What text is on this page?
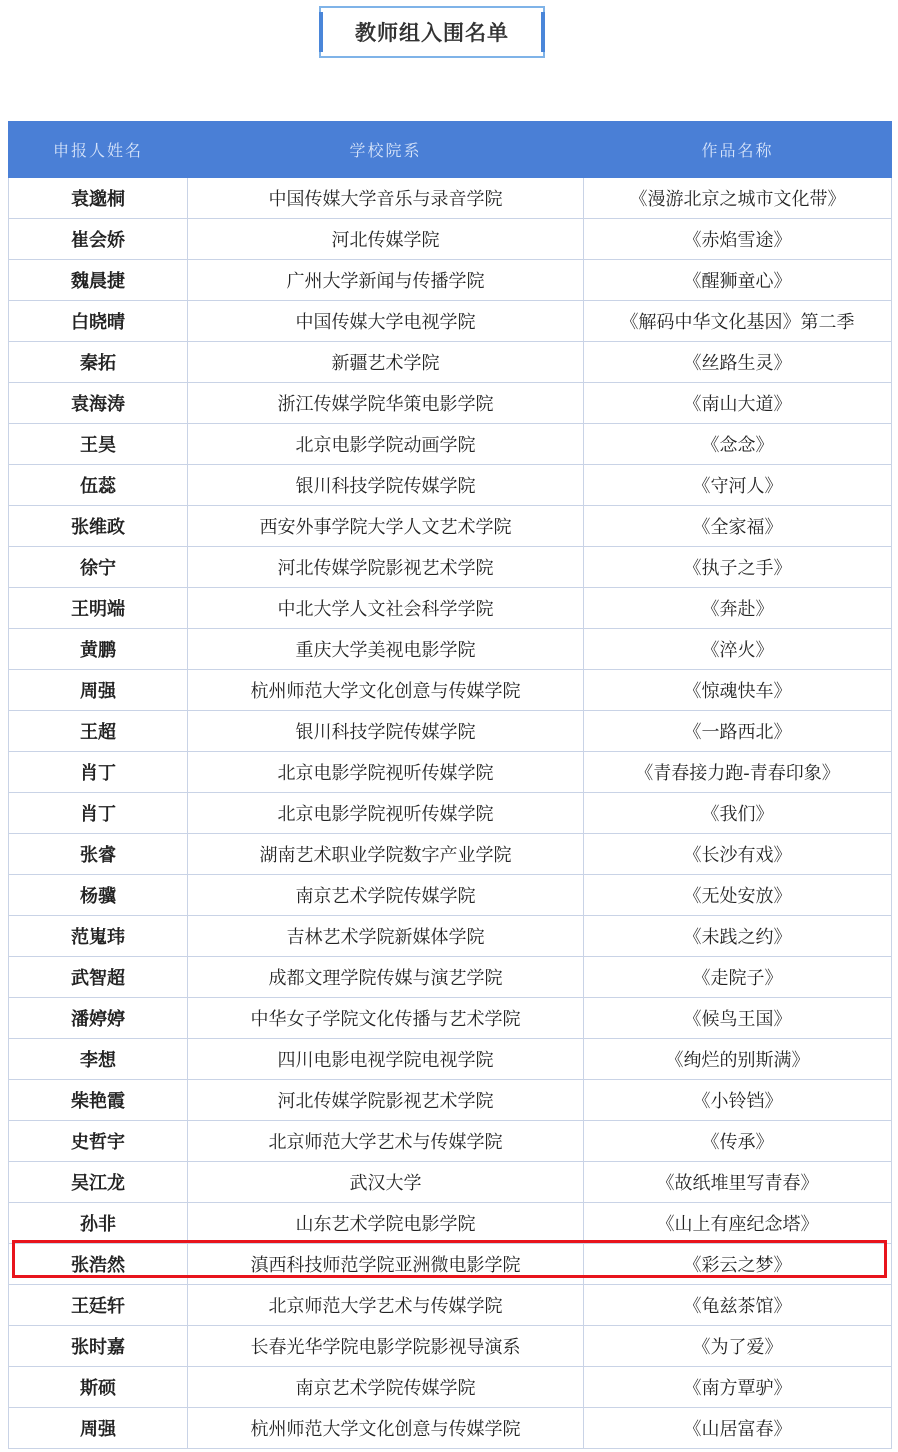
教师组入围名单
申报人姓名	学校院系	作品名称
袁邈桐	中国传媒大学音乐与录音学院	《漫游北京之城市文化带》
崔会娇	河北传媒学院	《赤焰雪途》
魏晨捷	广州大学新闻与传播学院	《醒狮童心》
白晓晴	中国传媒大学电视学院	《解码中华文化基因》第二季
秦拓	新疆艺术学院	《丝路生灵》
袁海涛	浙江传媒学院华策电影学院	《南山大道》
王昊	北京电影学院动画学院	《念念》
伍蕊	银川科技学院传媒学院	《守河人》
张维政	西安外事学院大学人文艺术学院	《全家福》
徐宁	河北传媒学院影视艺术学院	《执子之手》
王明端	中北大学人文社会科学学院	《奔赴》
黄鹏	重庆大学美视电影学院	《淬火》
周强	杭州师范大学文化创意与传媒学院	《惊魂快车》
王超	银川科技学院传媒学院	《一路西北》
肖丁	北京电影学院视听传媒学院	《青春接力跑-青春印象》
肖丁	北京电影学院视听传媒学院	《我们》
张睿	湖南艺术职业学院数字产业学院	《长沙有戏》
杨骥	南京艺术学院传媒学院	《无处安放》
范嵬玮	吉林艺术学院新媒体学院	《未践之约》
武智超	成都文理学院传媒与演艺学院	《走院子》
潘婷婷	中华女子学院文化传播与艺术学院	《候鸟王国》
李想	四川电影电视学院电视学院	《绚烂的别斯满》
柴艳霞	河北传媒学院影视艺术学院	《小铃铛》
史哲宇	北京师范大学艺术与传媒学院	《传承》
吴江龙	武汉大学	《故纸堆里写青春》
孙非	山东艺术学院电影学院	《山上有座纪念塔》
张浩然	滇西科技师范学院亚洲微电影学院	《彩云之梦》
王廷轩	北京师范大学艺术与传媒学院	《龟兹茶馆》
张时嘉	长春光华学院电影学院影视导演系	《为了爱》
斯硕	南京艺术学院传媒学院	《南方覃驴》
周强	杭州师范大学文化创意与传媒学院	《山居富春》
